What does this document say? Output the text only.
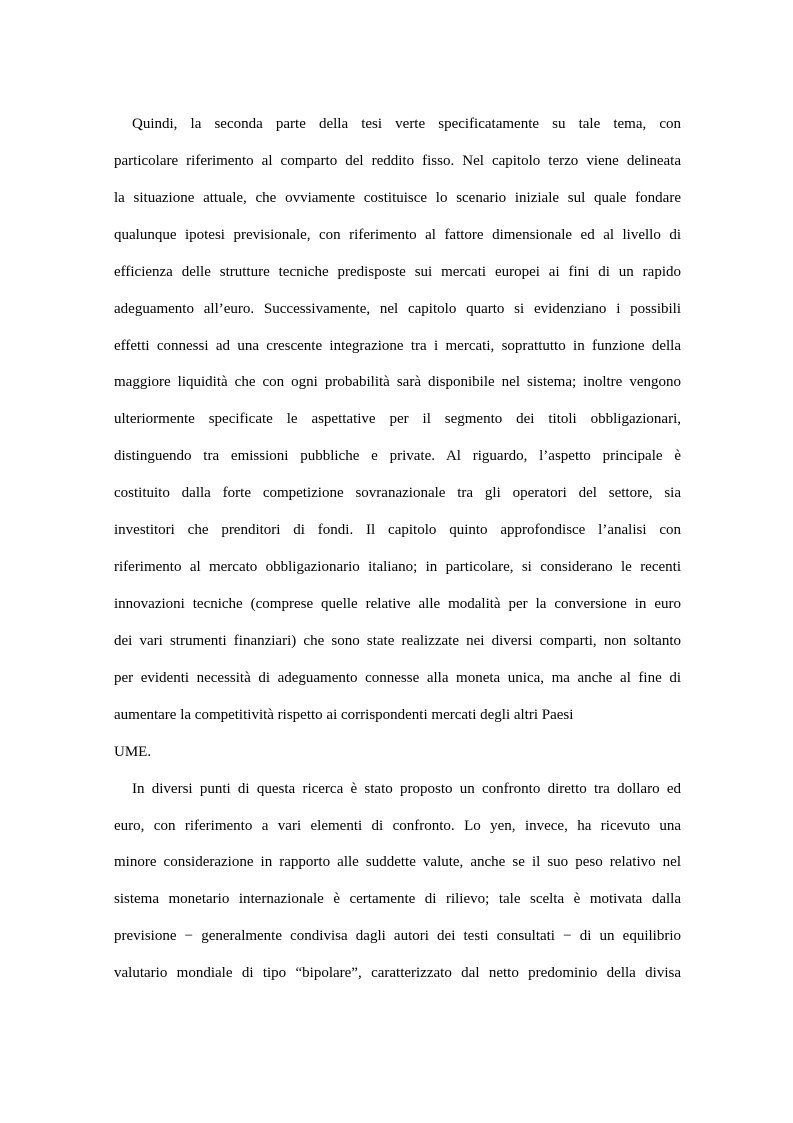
Quindi, la seconda parte della tesi verte specificatamente su tale tema, con
particolare riferimento al comparto del reddito fisso. Nel capitolo terzo viene delineata
la situazione attuale, che ovviamente costituisce lo scenario iniziale sul quale fondare
qualunque ipotesi previsionale, con riferimento al fattore dimensionale ed al livello di
efficienza delle strutture tecniche predisposte sui mercati europei ai fini di un rapido
adeguamento all’euro. Successivamente, nel capitolo quarto si evidenziano i possibili
effetti connessi ad una crescente integrazione tra i mercati, soprattutto in funzione della
maggiore liquidità che con ogni probabilità sarà disponibile nel sistema; inoltre vengono
ulteriormente specificate le aspettative per il segmento dei titoli obbligazionari,
distinguendo tra emissioni pubbliche e private. Al riguardo, l’aspetto principale è
costituito dalla forte competizione sovranazionale tra gli operatori del settore, sia
investitori che prenditori di fondi. Il capitolo quinto approfondisce l’analisi con
riferimento al mercato obbligazionario italiano; in particolare, si considerano le recenti
innovazioni tecniche (comprese quelle relative alle modalità per la conversione in euro
dei vari strumenti finanziari) che sono state realizzate nei diversi comparti, non soltanto
per evidenti necessità di adeguamento connesse alla moneta unica, ma anche al fine di
aumentare la competitività rispetto ai corrispondenti mercati degli altri Paesi
UME.
In diversi punti di questa ricerca è stato proposto un confronto diretto tra dollaro ed
euro, con riferimento a vari elementi di confronto. Lo yen, invece, ha ricevuto una
minore considerazione in rapporto alle suddette valute, anche se il suo peso relativo nel
sistema monetario internazionale è certamente di rilievo; tale scelta è motivata dalla
previsione − generalmente condivisa dagli autori dei testi consultati − di un equilibrio
valutario mondiale di tipo “bipolare”, caratterizzato dal netto predominio della divisa
